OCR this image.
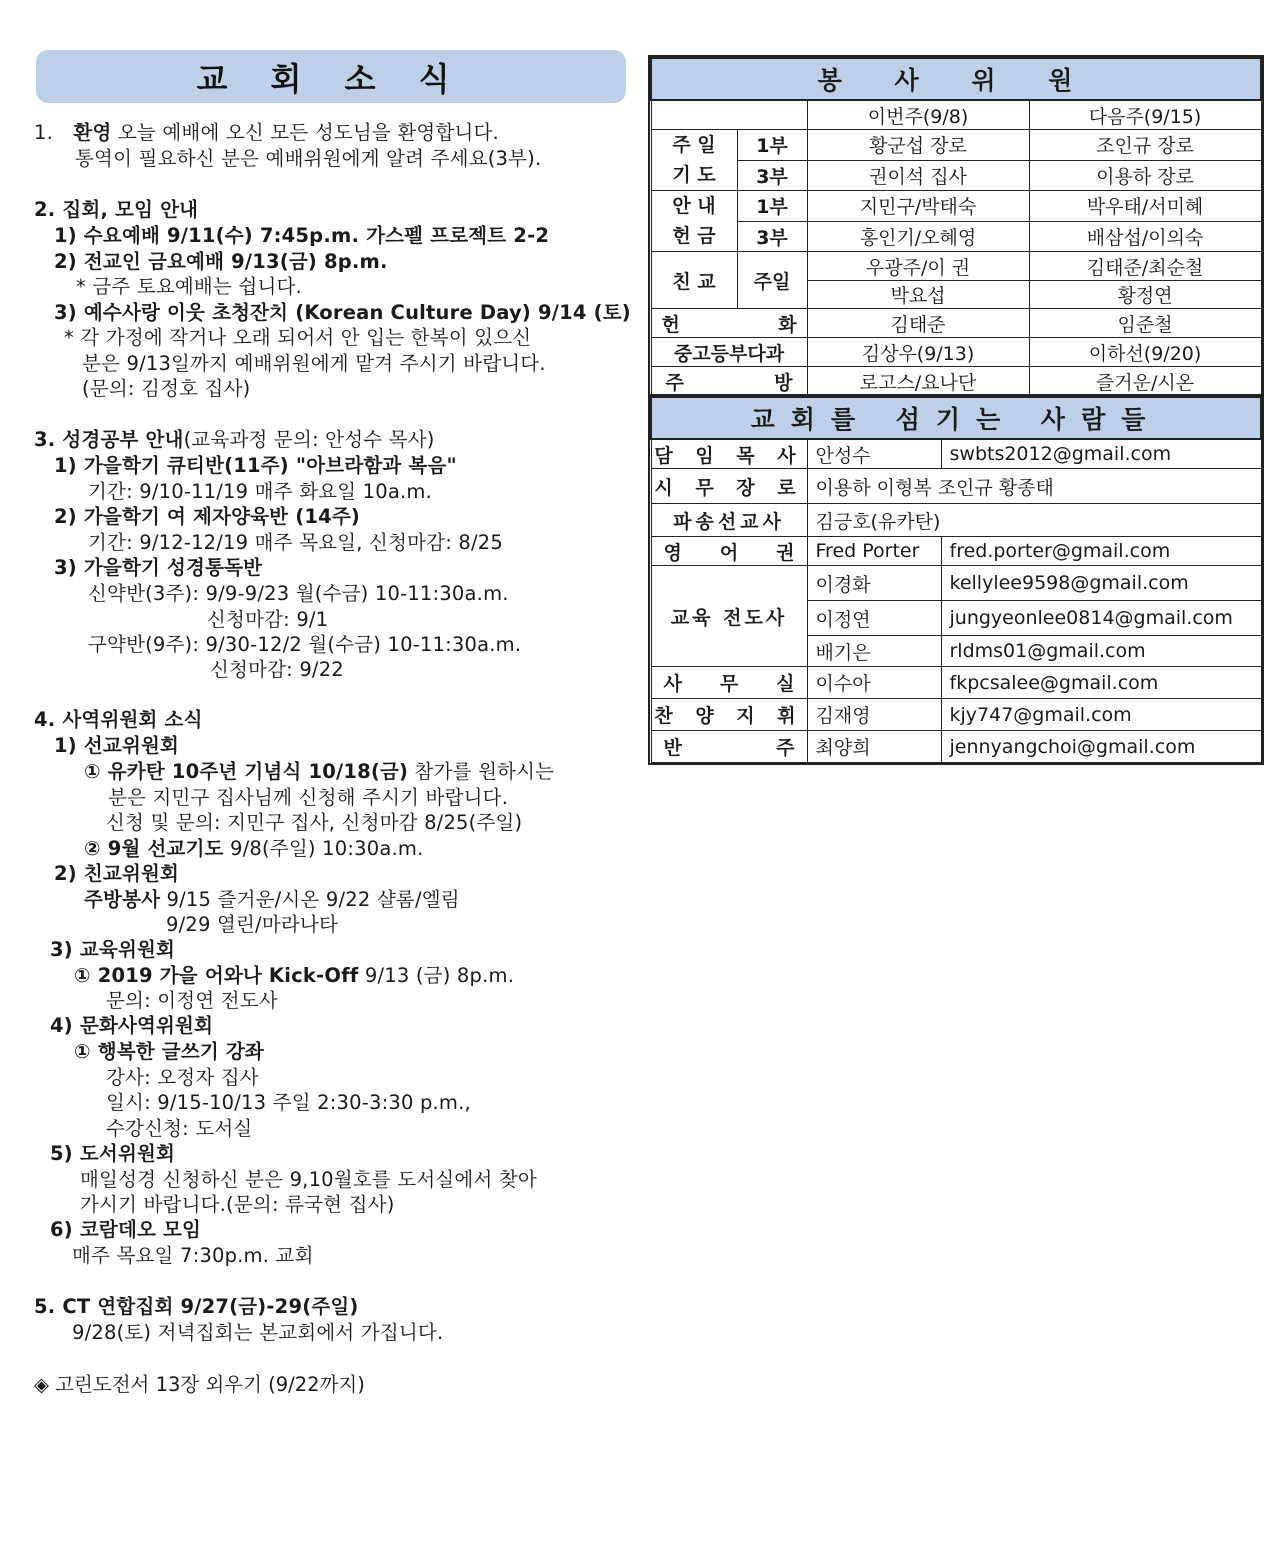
교 회 소 식
1. 환영 오늘 예배에 오신 모든 성도님을 환영합니다.
통역이 필요하신 분은 예배위원에게 알려 주세요(3부).
2. 집회, 모임 안내
1) 수요예배 9/11(수) 7:45p.m. 가스펠 프로젝트 2-2
2) 전교인 금요예배 9/13(금) 8p.m.
* 금주 토요예배는 쉽니다.
3) 예수사랑 이웃 초청잔치 (Korean Culture Day) 9/14 (토)
* 각 가정에 작거나 오래 되어서 안 입는 한복이 있으신
분은 9/13일까지 예배위원에게 맡겨 주시기 바랍니다.
(문의: 김정호 집사)
3. 성경공부 안내(교육과정 문의: 안성수 목사)
1) 가을학기 큐티반(11주) "아브라함과 복음"
기간: 9/10-11/19 매주 화요일 10a.m.
2) 가을학기 여 제자양육반 (14주)
기간: 9/12-12/19 매주 목요일, 신청마감: 8/25
3) 가을학기 성경통독반
신약반(3주): 9/9-9/23 월(수금) 10-11:30a.m.
신청마감: 9/1
구약반(9주): 9/30-12/2 월(수금) 10-11:30a.m.
신청마감: 9/22
4. 사역위원회 소식
1) 선교위원회
① 유카탄 10주년 기념식 10/18(금) 참가를 원하시는
분은 지민구 집사님께 신청해 주시기 바랍니다.
신청 및 문의: 지민구 집사, 신청마감 8/25(주일)
② 9월 선교기도 9/8(주일) 10:30a.m.
2) 친교위원회
주방봉사 9/15 즐거운/시온 9/22 샬롬/엘림
9/29 열린/마라나타
3) 교육위원회
① 2019 가을 어와나 Kick-Off 9/13 (금) 8p.m.
문의: 이정연 전도사
4) 문화사역위원회
① 행복한 글쓰기 강좌
강사: 오정자 집사
일시: 9/15-10/13 주일 2:30-3:30 p.m.,
수강신청: 도서실
5) 도서위원회
매일성경 신청하신 분은 9,10월호를 도서실에서 찾아
가시기 바랍니다.(문의: 류국현 집사)
6) 코람데오 모임
매주 목요일 7:30p.m. 교회
5. CT 연합집회 9/27(금)-29(주일)
9/28(토) 저녁집회는 본교회에서 가집니다.
◈ 고린도전서 13장 외우기 (9/22까지)
봉 사 위 원			
		이번주(9/8)	다음주(9/15)

주 일
기 도	1부	황군섭 장로	조인규 장로
	3부	권이석 집사	이용하 장로

안 내
헌 금	1부	지민구/박태숙	박우태/서미혜
	3부	홍인기/오혜영	배삼섭/이의숙
친 교	주일	우광주/이 권	김태준/최순철
		박요섭	황정연

헌 화		김태준	임준철
중고등부다과		김상우(9/13)	이하선(9/20)

주 방		로고스/요나단	즐거운/시온
교회를 섬기는 사람들		
담 임 목 사	안성수	swbts2012@gmail.com
시 무 장 로	이용하 이형복 조인규 황종태	
파송선교사	김긍호(유카탄)	

영 어 권	Fred Porter	fred.porter@gmail.com
교육 전도사	이경화	kellylee9598@gmail.com
	이정연	jungyeonlee0814@gmail.com
	배기은	rldms01@gmail.com

사 무 실	이수아	fkpcsalee@gmail.com
찬 양 지 휘	김재영	kjy747@gmail.com

반 주	최양희	jennyangchoi@gmail.com
